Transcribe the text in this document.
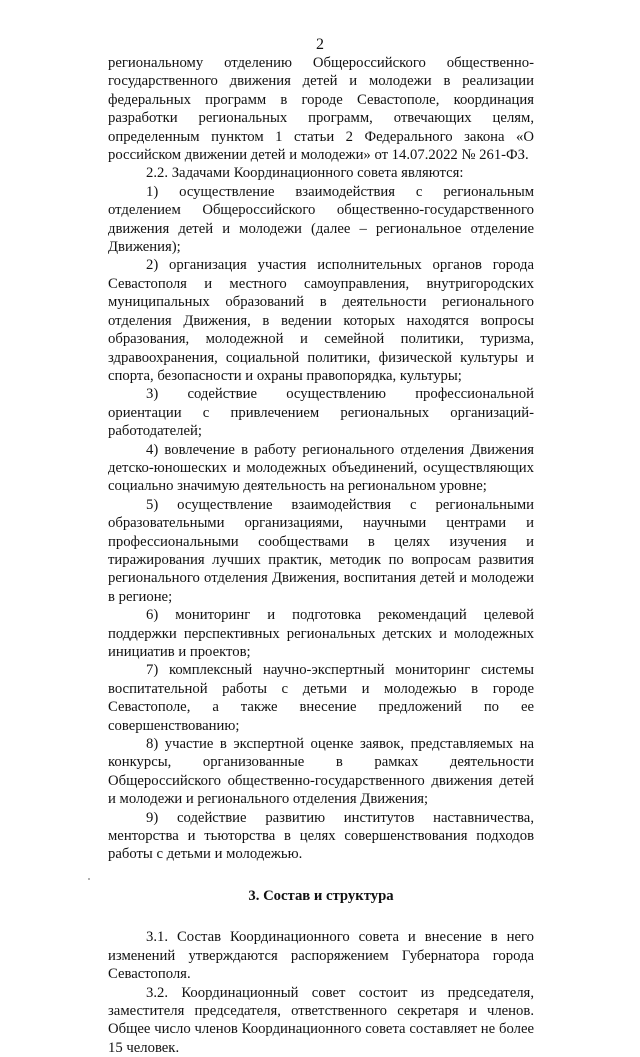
2

региональному отделению Общероссийского общественно-государственного движения детей и молодежи в реализации федеральных программ в городе Севастополе, координация разработки региональных программ, отвечающих целям, определенным пунктом 1 статьи 2 Федерального закона «О российском движении детей и молодежи» от 14.07.2022 № 261-ФЗ.

2.2. Задачами Координационного совета являются:

1) осуществление взаимодействия с региональным отделением Общероссийского общественно-государственного движения детей и молодежи (далее – региональное отделение Движения);

2) организация участия исполнительных органов города Севастополя и местного самоуправления, внутригородских муниципальных образований в деятельности регионального отделения Движения, в ведении которых находятся вопросы образования, молодежной и семейной политики, туризма, здравоохранения, социальной политики, физической культуры и спорта, безопасности и охраны правопорядка, культуры;

3) содействие осуществлению профессиональной ориентации с привлечением региональных организаций-работодателей;

4) вовлечение в работу регионального отделения Движения детско-юношеских и молодежных объединений, осуществляющих социально значимую деятельность на региональном уровне;

5) осуществление взаимодействия с региональными образовательными организациями, научными центрами и профессиональными сообществами в целях изучения и тиражирования лучших практик, методик по вопросам развития регионального отделения Движения, воспитания детей и молодежи в регионе;

6) мониторинг и подготовка рекомендаций целевой поддержки перспективных региональных детских и молодежных инициатив и проектов;

7) комплексный научно-экспертный мониторинг системы воспитательной работы с детьми и молодежью в городе Севастополе, а также внесение предложений по ее совершенствованию;

8) участие в экспертной оценке заявок, представляемых на конкурсы, организованные в рамках деятельности Общероссийского общественно-государственного движения детей и молодежи и регионального отделения Движения;

9) содействие развитию институтов наставничества, менторства и тьюторства в целях совершенствования подходов работы с детьми и молодежью.

3. Состав и структура

3.1. Состав Координационного совета и внесение в него изменений утверждаются распоряжением Губернатора города Севастополя.

3.2. Координационный совет состоит из председателя, заместителя председателя, ответственного секретаря и членов. Общее число членов Координационного совета составляет не более 15 человек.
